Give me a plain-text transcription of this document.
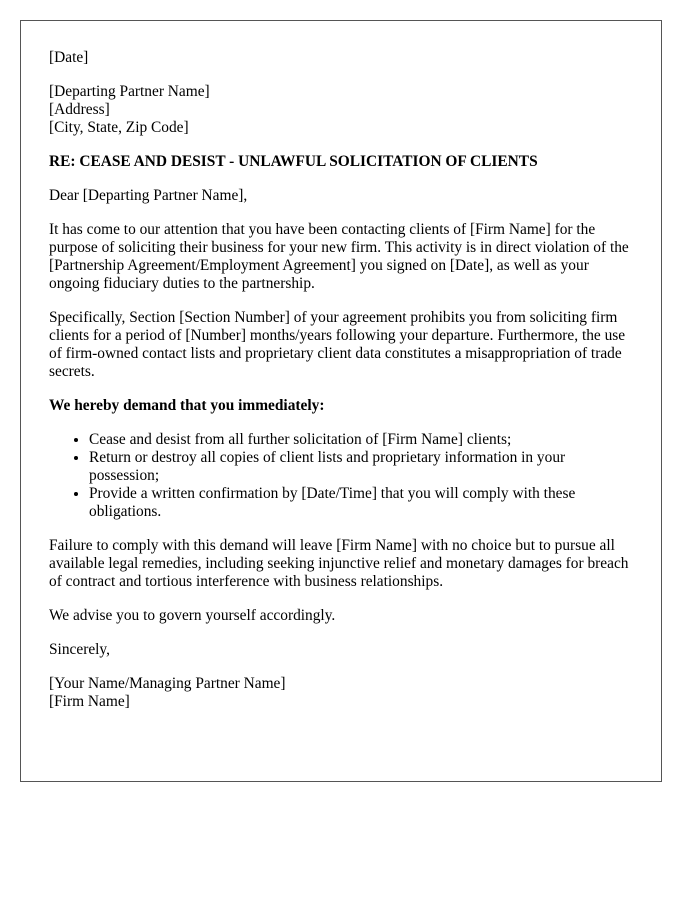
[Date]

[Departing Partner Name]
[Address]
[City, State, Zip Code]

RE: CEASE AND DESIST - UNLAWFUL SOLICITATION OF CLIENTS

Dear [Departing Partner Name],

It has come to our attention that you have been contacting clients of [Firm Name] for the purpose of soliciting their business for your new firm. This activity is in direct violation of the [Partnership Agreement/Employment Agreement] you signed on [Date], as well as your ongoing fiduciary duties to the partnership.

Specifically, Section [Section Number] of your agreement prohibits you from soliciting firm clients for a period of [Number] months/years following your departure. Furthermore, the use of firm-owned contact lists and proprietary client data constitutes a misappropriation of trade secrets.

We hereby demand that you immediately:

• Cease and desist from all further solicitation of [Firm Name] clients;
• Return or destroy all copies of client lists and proprietary information in your possession;
• Provide a written confirmation by [Date/Time] that you will comply with these obligations.

Failure to comply with this demand will leave [Firm Name] with no choice but to pursue all available legal remedies, including seeking injunctive relief and monetary damages for breach of contract and tortious interference with business relationships.

We advise you to govern yourself accordingly.

Sincerely,

[Your Name/Managing Partner Name]
[Firm Name]
